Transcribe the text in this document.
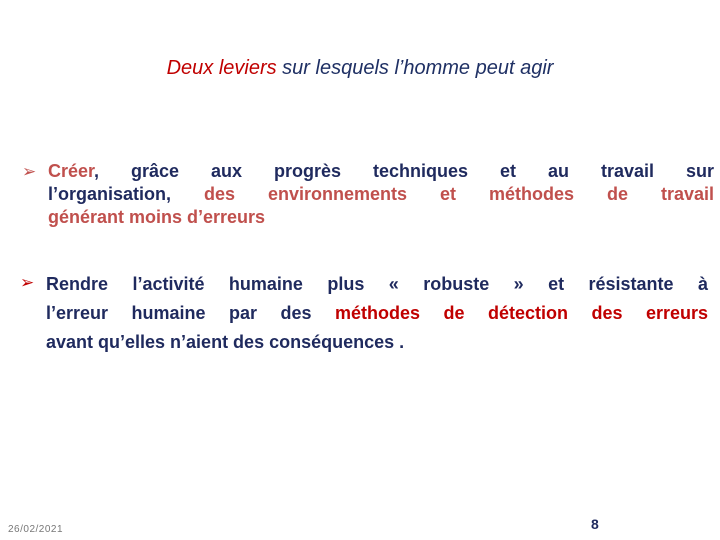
Deux leviers sur lesquels l’homme peut agir
➢ Créer, grâce aux progrès techniques et au travail sur
l’organisation, des environnements et méthodes de travail
générant moins d’erreurs
➢ Rendre l’activité humaine plus « robuste » et résistante à
l’erreur humaine par des méthodes de détection des erreurs
avant qu’elles n’aient des conséquences .
26/02/2021	8
